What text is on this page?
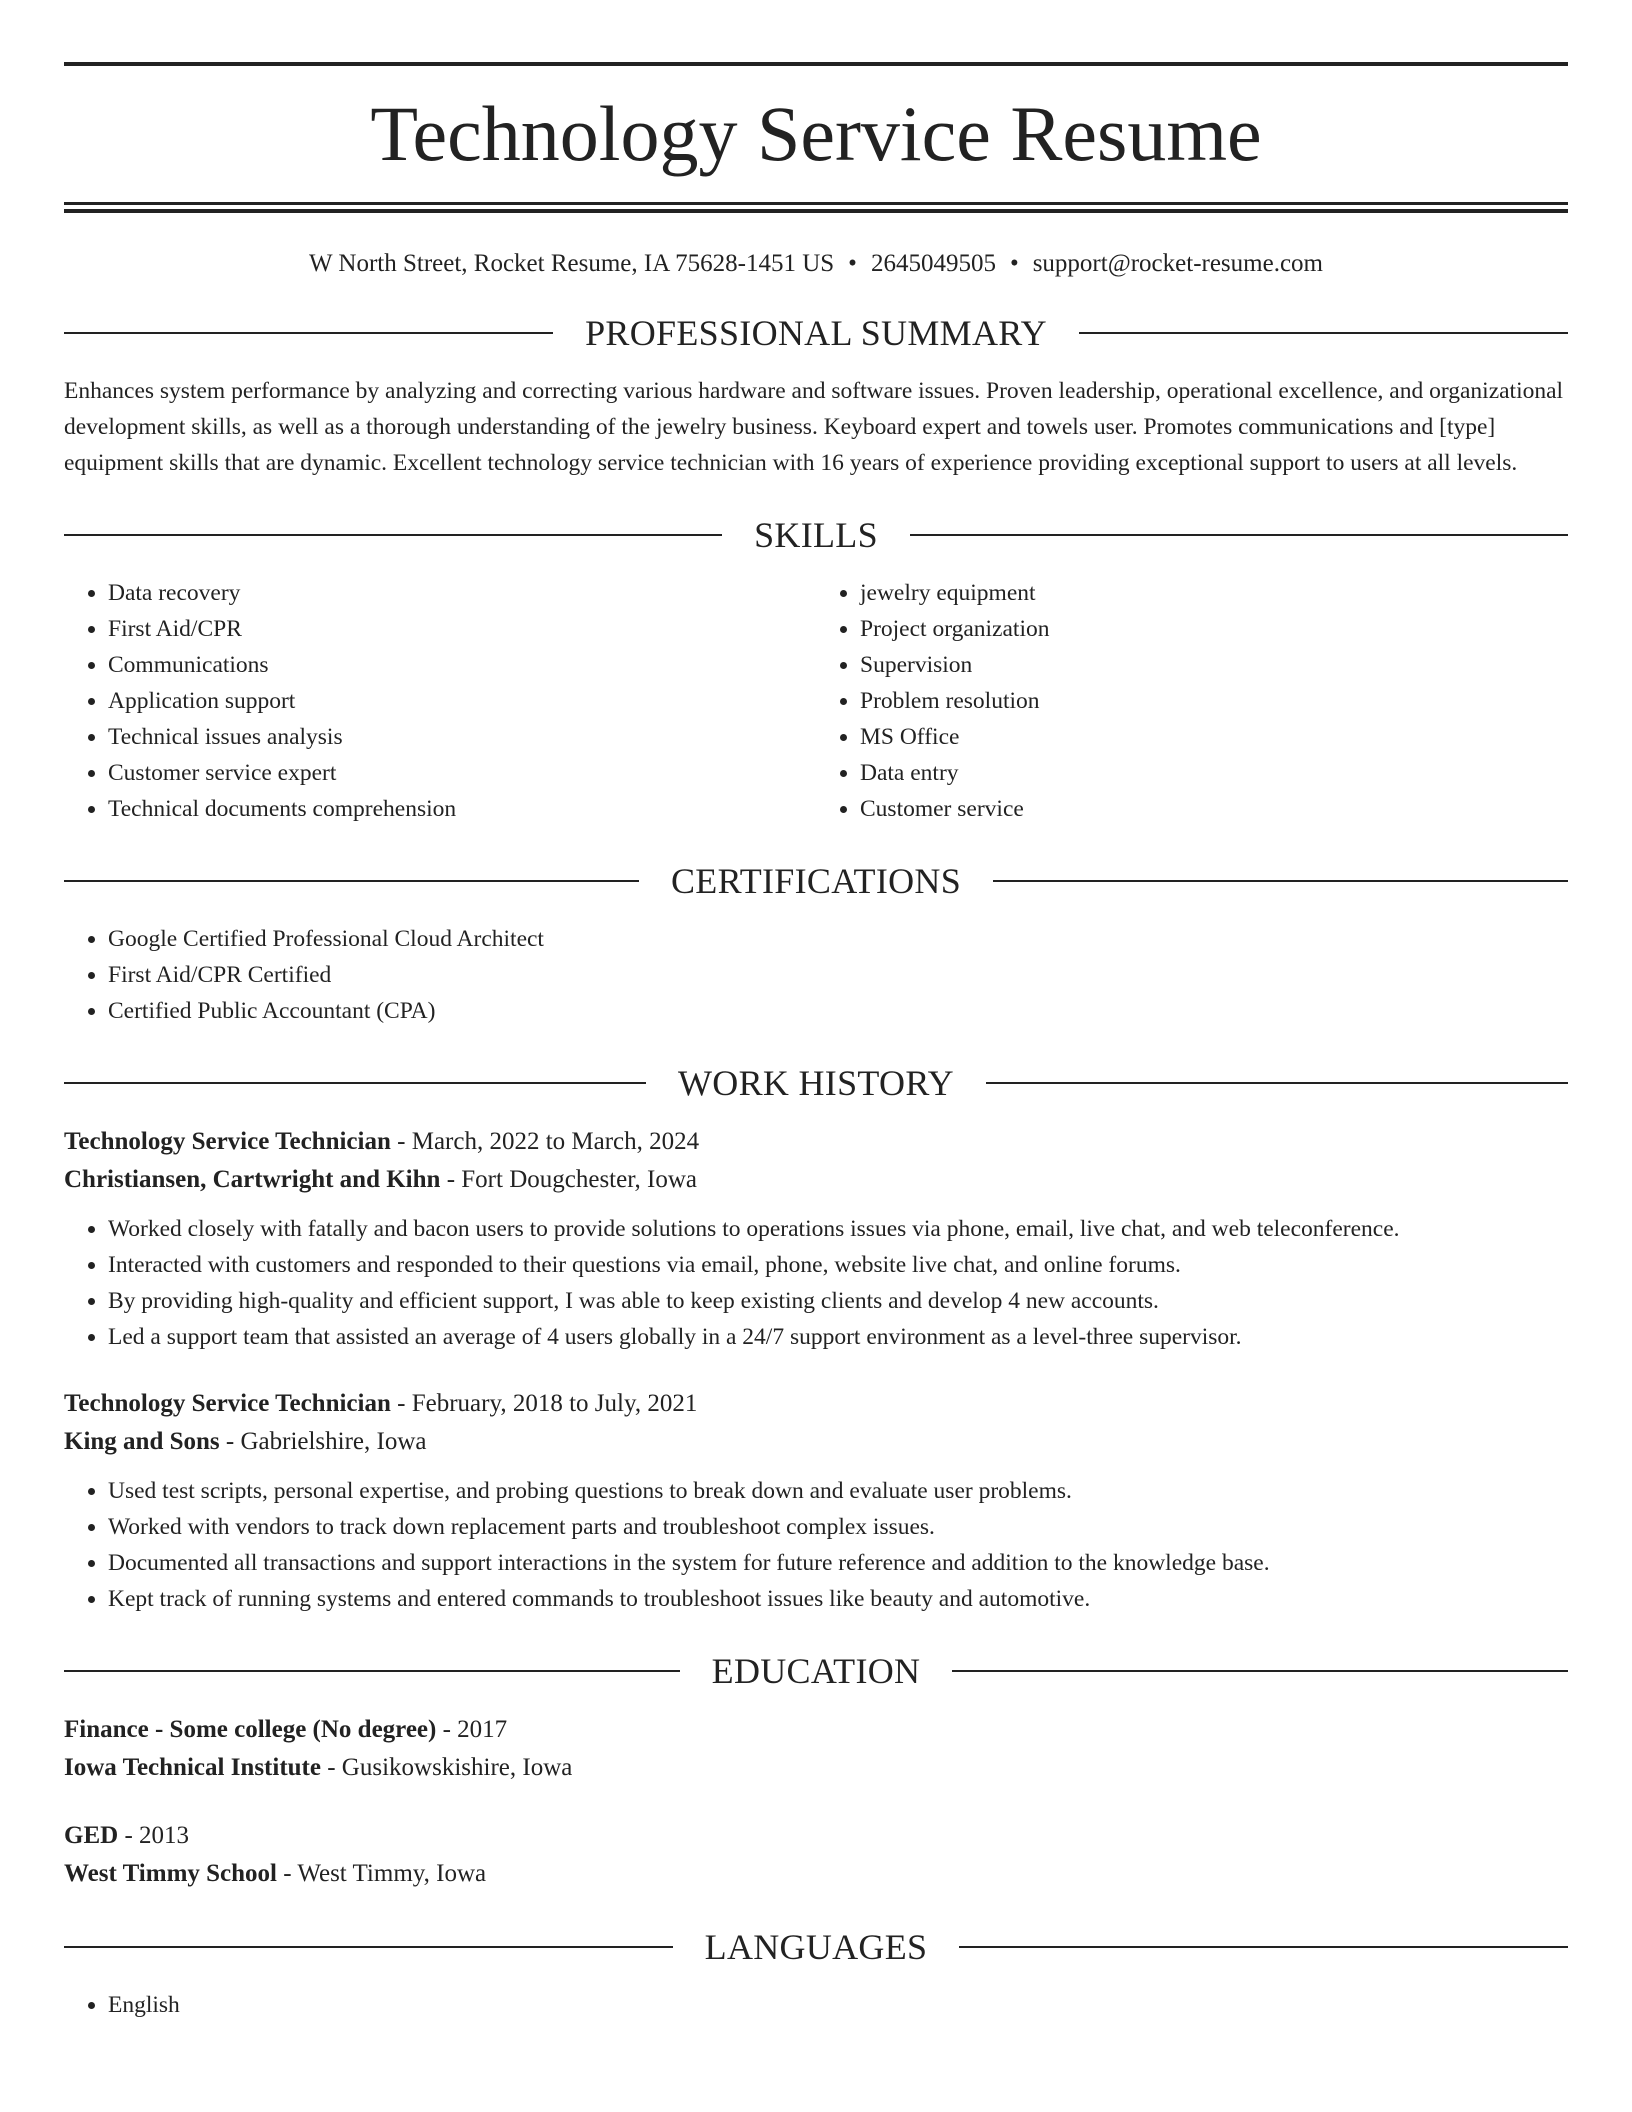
Technology Service Resume
W North Street, Rocket Resume, IA 75628-1451 US • 2645049505 • support@rocket-resume.com
PROFESSIONAL SUMMARY

Enhances system performance by analyzing and correcting various hardware and software issues. Proven leadership, operational excellence, and organizational development skills, as well as a thorough understanding of the jewelry business. Keyboard expert and towels user. Promotes communications and [type] equipment skills that are dynamic. Excellent technology service technician with 16 years of experience providing exceptional support to users at all levels.

SKILLS
• Data recovery
• First Aid/CPR
• Communications
• Application support
• Technical issues analysis
• Customer service expert
• Technical documents comprehension
• jewelry equipment
• Project organization
• Supervision
• Problem resolution
• MS Office
• Data entry
• Customer service
CERTIFICATIONS
• Google Certified Professional Cloud Architect
• First Aid/CPR Certified
• Certified Public Accountant (CPA)
WORK HISTORY
Technology Service Technician - March, 2022 to March, 2024
Christiansen, Cartwright and Kihn - Fort Dougchester, Iowa
• Worked closely with fatally and bacon users to provide solutions to operations issues via phone, email, live chat, and web teleconference.
• Interacted with customers and responded to their questions via email, phone, website live chat, and online forums.
• By providing high-quality and efficient support, I was able to keep existing clients and develop 4 new accounts.
• Led a support team that assisted an average of 4 users globally in a 24/7 support environment as a level-three supervisor.
Technology Service Technician - February, 2018 to July, 2021
King and Sons - Gabrielshire, Iowa
• Used test scripts, personal expertise, and probing questions to break down and evaluate user problems.
• Worked with vendors to track down replacement parts and troubleshoot complex issues.
• Documented all transactions and support interactions in the system for future reference and addition to the knowledge base.
• Kept track of running systems and entered commands to troubleshoot issues like beauty and automotive.
EDUCATION
Finance - Some college (No degree) - 2017
Iowa Technical Institute - Gusikowskishire, Iowa
GED - 2013
West Timmy School - West Timmy, Iowa
LANGUAGES
• English
